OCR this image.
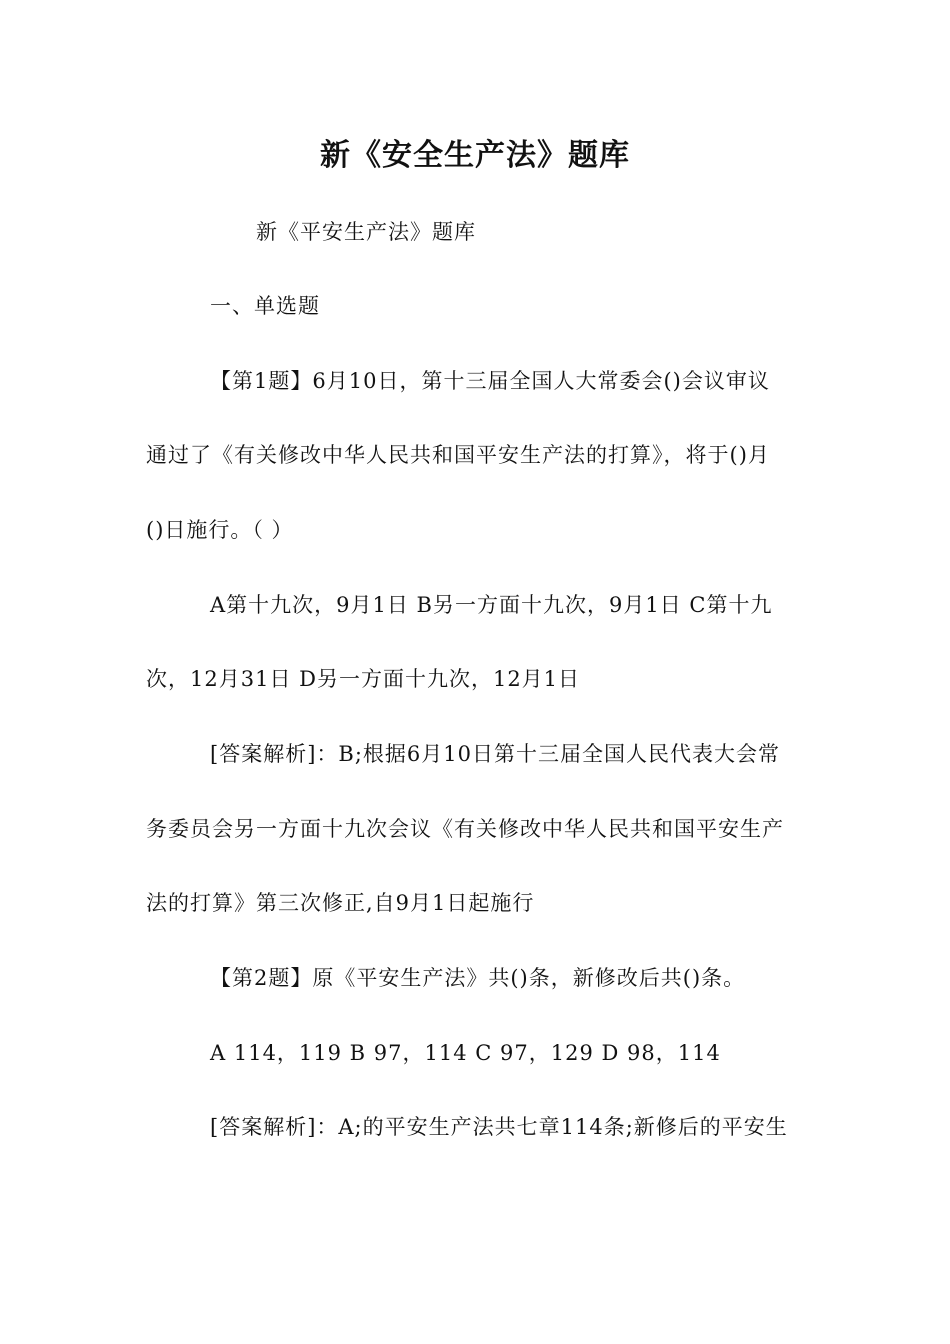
新《安全生产法》题库
新《平安生产法》题库
一、单选题
【第1题】6月10日，第十三届全国人大常委会()会议审议
通过了《有关修改中华人民共和国平安生产法的打算》，将于()月
()日施行。（ ）
A第十九次，9月1日 B另一方面十九次，9月1日 C第十九
次，12月31日 D另一方面十九次，12月1日
[答案解析]：B;根据6月10日第十三届全国人民代表大会常
务委员会另一方面十九次会议《有关修改中华人民共和国平安生产
法的打算》第三次修正,自9月1日起施行
【第2题】原《平安生产法》共()条，新修改后共()条。
A 114，119 B 97，114 C 97，129 D 98，114
[答案解析]：A;的平安生产法共七章114条;新修后的平安生
